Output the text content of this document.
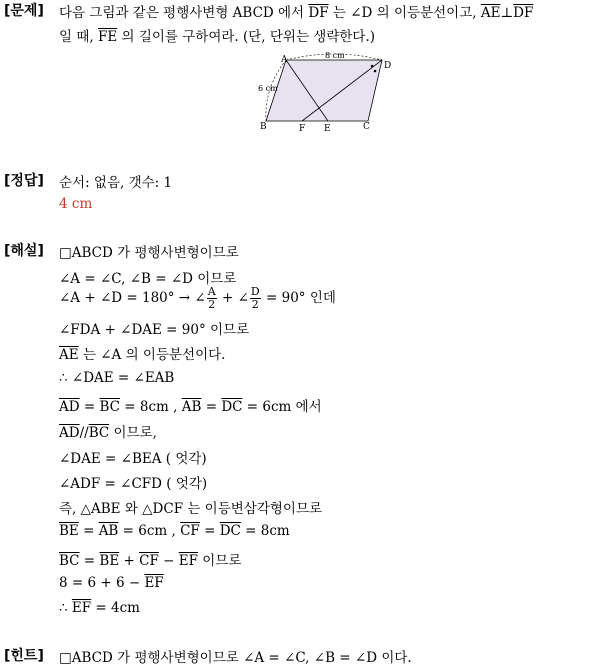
[문제] 다음 그림과 같은 평행사변형 ABCD 에서 $\overline{DF}$ 는 ∠D 의 이등분선이고, $\overline{AE}\perp\overline{DF}$
일 때, $\overline{FE}$ 의 길이를 구하여라. (단, 단위는 생략한다.)
A
D
B	C
F E
8 cm
6 cm
[정답] 순서: 없음, 갯수: 1
4 cm
[해설] □ABCD 가 평행사변형이므로
∠A = ∠C, ∠B = ∠D 이므로
∠A + ∠D = 180° → ∠ $\frac{A}{2}$ + ∠ $\frac{D}{2} = 90^\circ$ 인데
∠FDA + ∠DAE = 90° 이므로
$\overline{AE}$ 는 ∠A 의 이등분선이다.
∴ ∠DAE = ∠EAB
$\overline{AD} = \overline{BC} = 8cm$ , $\overline{AB} = \overline{DC} = 6cm$ 에서
$\overline{AD}//\overline{BC}$ 이므로,
∠DAE = ∠BEA ( 엇각)
∠ADF = ∠CFD ( 엇각)
즉, △ABE 와 △DCF 는 이등변삼각형이므로
$\overline{BE} = \overline{AB} = 6cm$ , $\overline{CF} = \overline{DC} = 8cm$
$\overline{BC} = \overline{BE} + \overline{CF} - \overline{EF}$ 이므로
$8 = 6 + 6 - \overline{EF}$
∴ $\overline{EF} = 4cm$
[힌트] □ABCD 가 평행사변형이므로 ∠A = ∠C, ∠B = ∠D 이다.
